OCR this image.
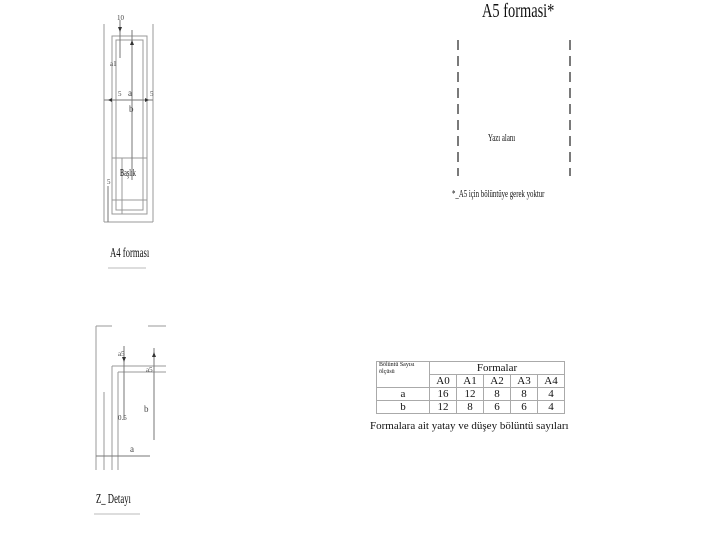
10
a1
5	5
a
b
5
Başlık
A4 forması
A5 formasi*
Yazı alanı
*_A5 için bölüntüye gerek yoktur
a5
a5
b
0.5
a
Z_ Detayı
Bölüntü Sayısı ölçüsü	Formalar				
	A0	A1	A2	A3	A4
a	16	12	8	8	4
b	12	8	6	6	4
Formalara ait yatay ve düşey bölüntü sayıları
